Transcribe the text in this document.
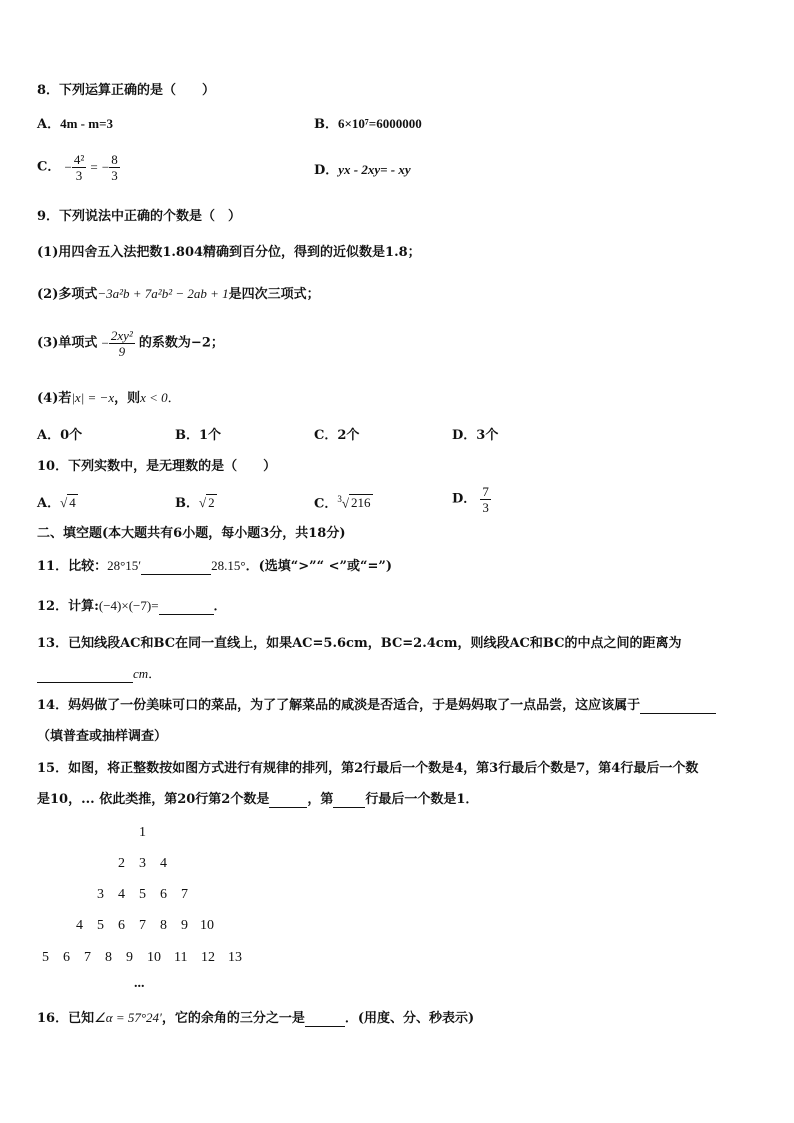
8．下列运算正确的是（　　）
A．4m - m=3	B．6×10⁷=6000000
C． − $\frac{\text{4²}}{3}$ = − $\frac{8}{3}$	D．yx - 2xy= - xy
9．下列说法中正确的个数是（　）
(1)用四舍五入法把数1.804精确到百分位，得到的近似数是1.8；
(2)多项式−3a²b + 7a²b² − 2ab + 1是四次三项式；
(3)单项式 − $\frac{\text{2xy²}}{9}$ 的系数为−2；
(4)若|x| = −x，则x < 0．
A．0个	B．1个	C．2个	D．3个
10．下列实数中，是无理数的是（　　）
A．√ 4	B．√ 2	C．$^3$√ 216	D． $\frac{7}{3}$
二、填空题(本大题共有6小题，每小题3分，共18分)
11．比较：28°15′	28.15°．(选填“>”“ <”或“=”)
12．计算:(−4)×(−7)=	．
13．已知线段AC和BC在同一直线上，如果AC=5.6cm，BC=2.4cm，则线段AC和BC的中点之间的距离为
cm．
14．妈妈做了一份美味可口的菜品，为了了解菜品的咸淡是否适合，于是妈妈取了一点品尝，这应该属于
（填普查或抽样调查）
15．如图，将正整数按如图方式进行有规律的排列，第2行最后一个数是4，第3行最后个数是7，第4行最后一个数
是10，... 依此类推，第20行第2个数是	，第 行最后一个数是1．
1
2 3 4
3 4 5 6 7
4 5 6 7 8 9 10
5 6 7 8 9 10 11 12 13
...
16．已知∠α = 57°24′，它的余角的三分之一是	．(用度、分、秒表示)
